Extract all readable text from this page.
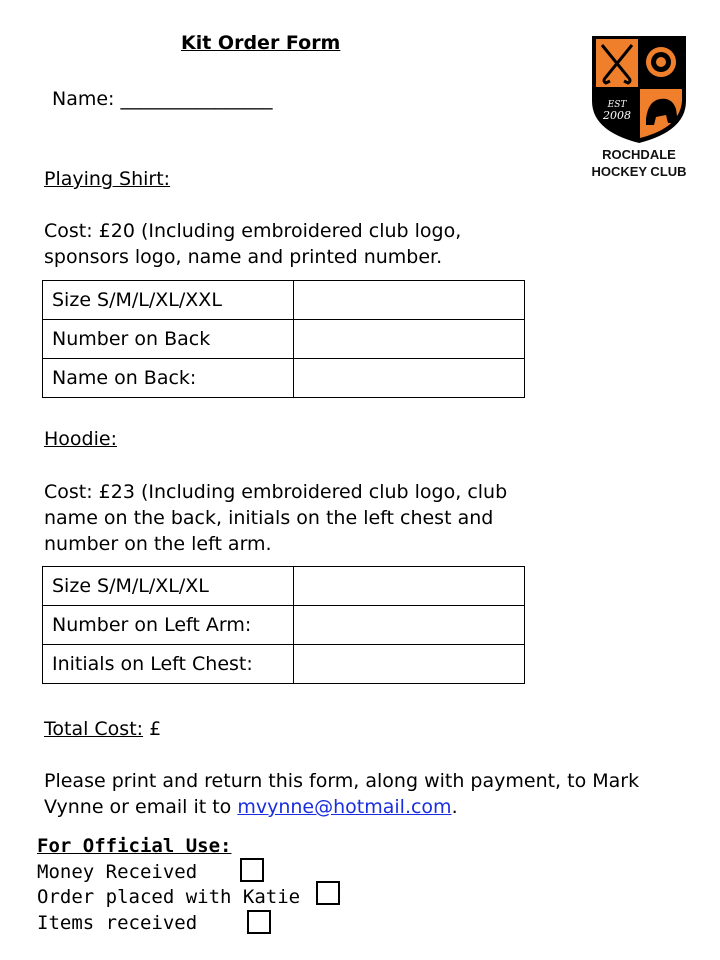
Kit Order Form
Name: ________________	EST
2008
ROCHDALE
HOCKEY CLUB
Playing Shirt:
Cost: £20 (Including embroidered club logo,
sponsors logo, name and printed number.
Size S/M/L/XL/XXL	
Number on Back	
Name on Back:	
Hoodie:
Cost: £23 (Including embroidered club logo, club
name on the back, initials on the left chest and
number on the left arm.
Size S/M/L/XL/XL	
Number on Left Arm:	
Initials on Left Chest:	
Total Cost: £
Please print and return this form, along with payment, to Mark
Vynne or email it to mvynne@hotmail.com.
For Official Use:
Money Received
Order placed with Katie
Items received
